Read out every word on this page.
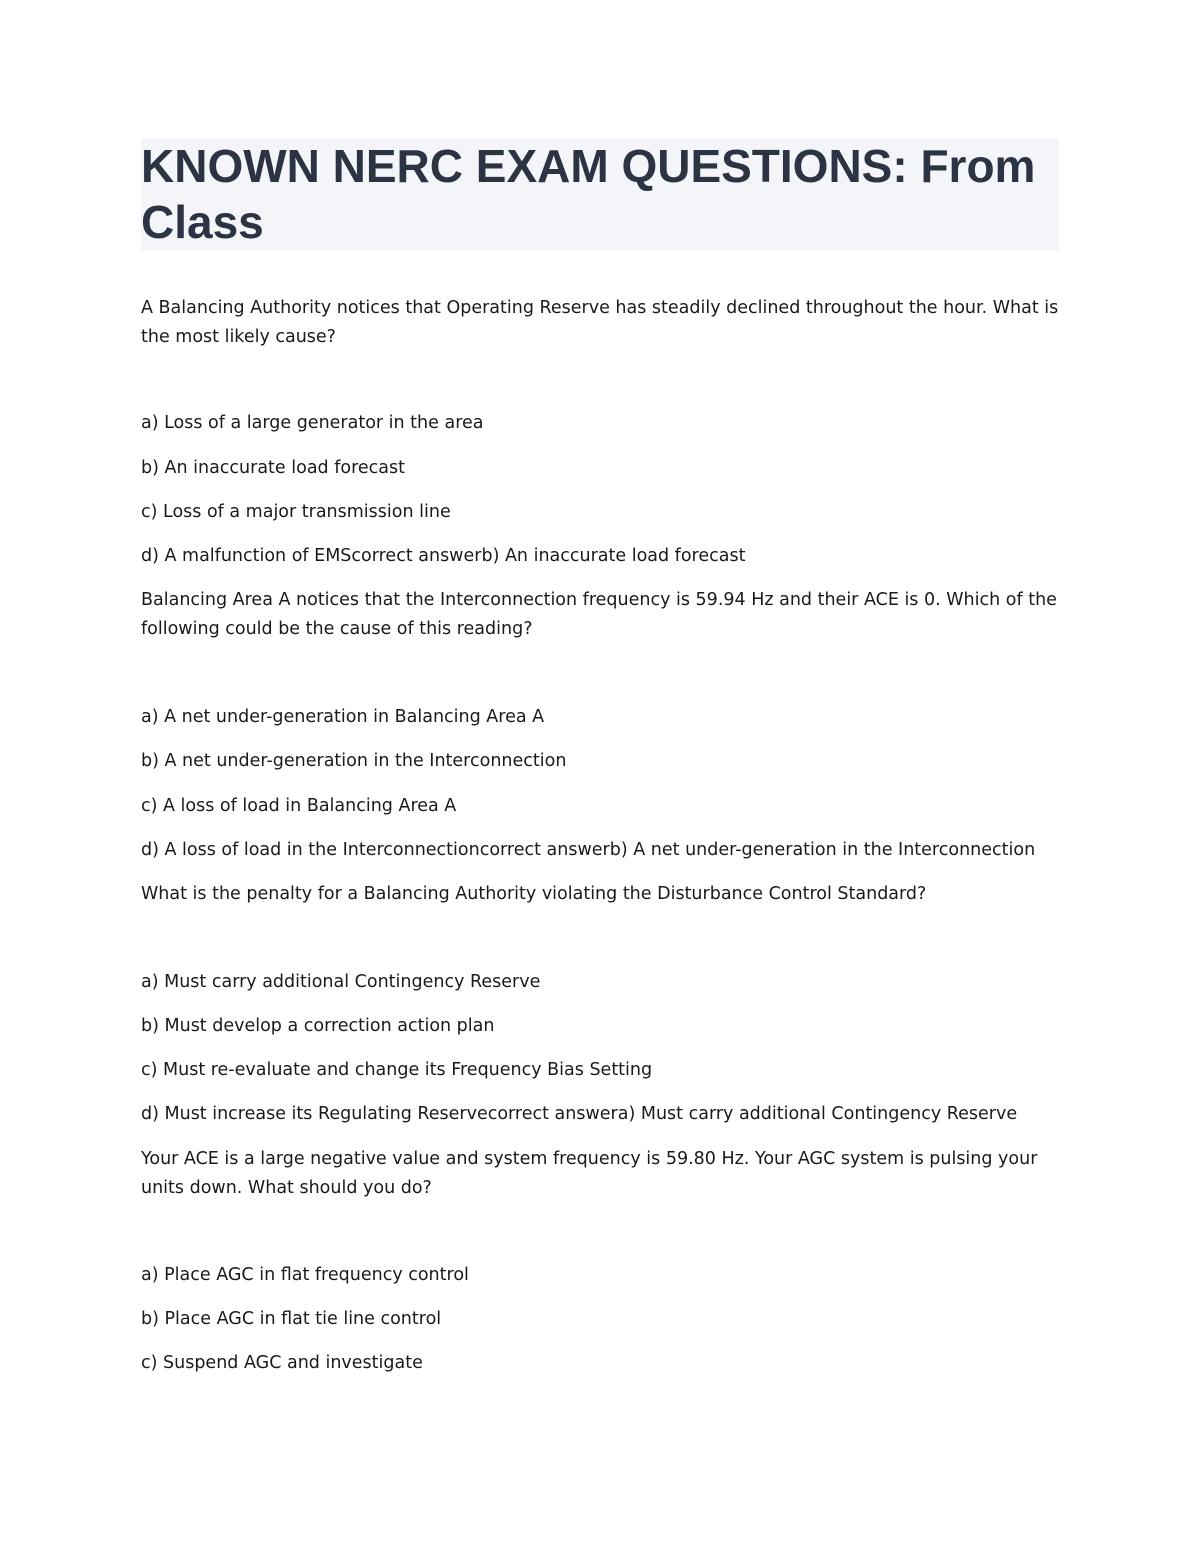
KNOWN NERC EXAM QUESTIONS: From Class
A Balancing Authority notices that Operating Reserve has steadily declined throughout the hour. What is the most likely cause?
a) Loss of a large generator in the area
b) An inaccurate load forecast
c) Loss of a major transmission line
d) A malfunction of EMScorrect answerb) An inaccurate load forecast
Balancing Area A notices that the Interconnection frequency is 59.94 Hz and their ACE is 0. Which of the following could be the cause of this reading?
a) A net under-generation in Balancing Area A
b) A net under-generation in the Interconnection
c) A loss of load in Balancing Area A
d) A loss of load in the Interconnectioncorrect answerb) A net under-generation in the Interconnection
What is the penalty for a Balancing Authority violating the Disturbance Control Standard?
a) Must carry additional Contingency Reserve
b) Must develop a correction action plan
c) Must re-evaluate and change its Frequency Bias Setting
d) Must increase its Regulating Reservecorrect answera) Must carry additional Contingency Reserve
Your ACE is a large negative value and system frequency is 59.80 Hz. Your AGC system is pulsing your units down. What should you do?
a) Place AGC in flat frequency control
b) Place AGC in flat tie line control
c) Suspend AGC and investigate
